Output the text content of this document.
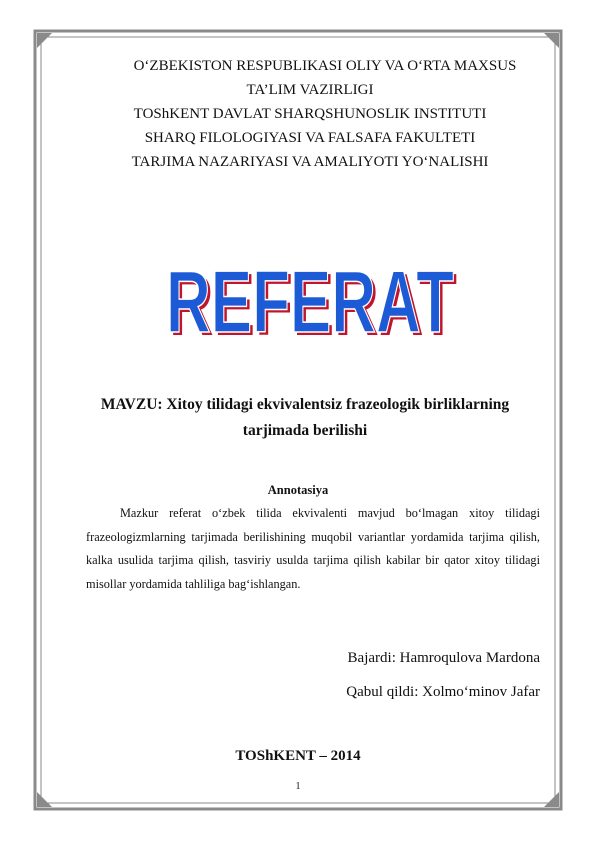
O‘ZBEKISTON RESPUBLIKASI OLIY VA O‘RTA MAXSUS
TA’LIM VAZIRLIGI
TOShKENT DAVLAT SHARQSHUNOSLIK INSTITUTI
SHARQ FILOLOGIYASI VA FALSAFA FAKULTETI
TARJIMA NAZARIYASI VA AMALIYOTI YO‘NALISHI
REFERAT
REFERAT
MAVZU: Xitoy tilidagi ekvivalentsiz frazeologik birliklarning
tarjimada berilishi
Annotasiya
Mazkur referat o‘zbek tilida ekvivalenti mavjud bo‘lmagan xitoy tilidagi frazeologizmlarning tarjimada berilishining muqobil variantlar yordamida tarjima qilish, kalka usulida tarjima qilish, tasviriy usulda tarjima qilish kabilar bir qator xitoy tilidagi misollar yordamida tahliliga bag‘ishlangan.
Bajardi: Hamroqulova Mardona
Qabul qildi: Xolmo‘minov Jafar
TOShKENT – 2014
1
